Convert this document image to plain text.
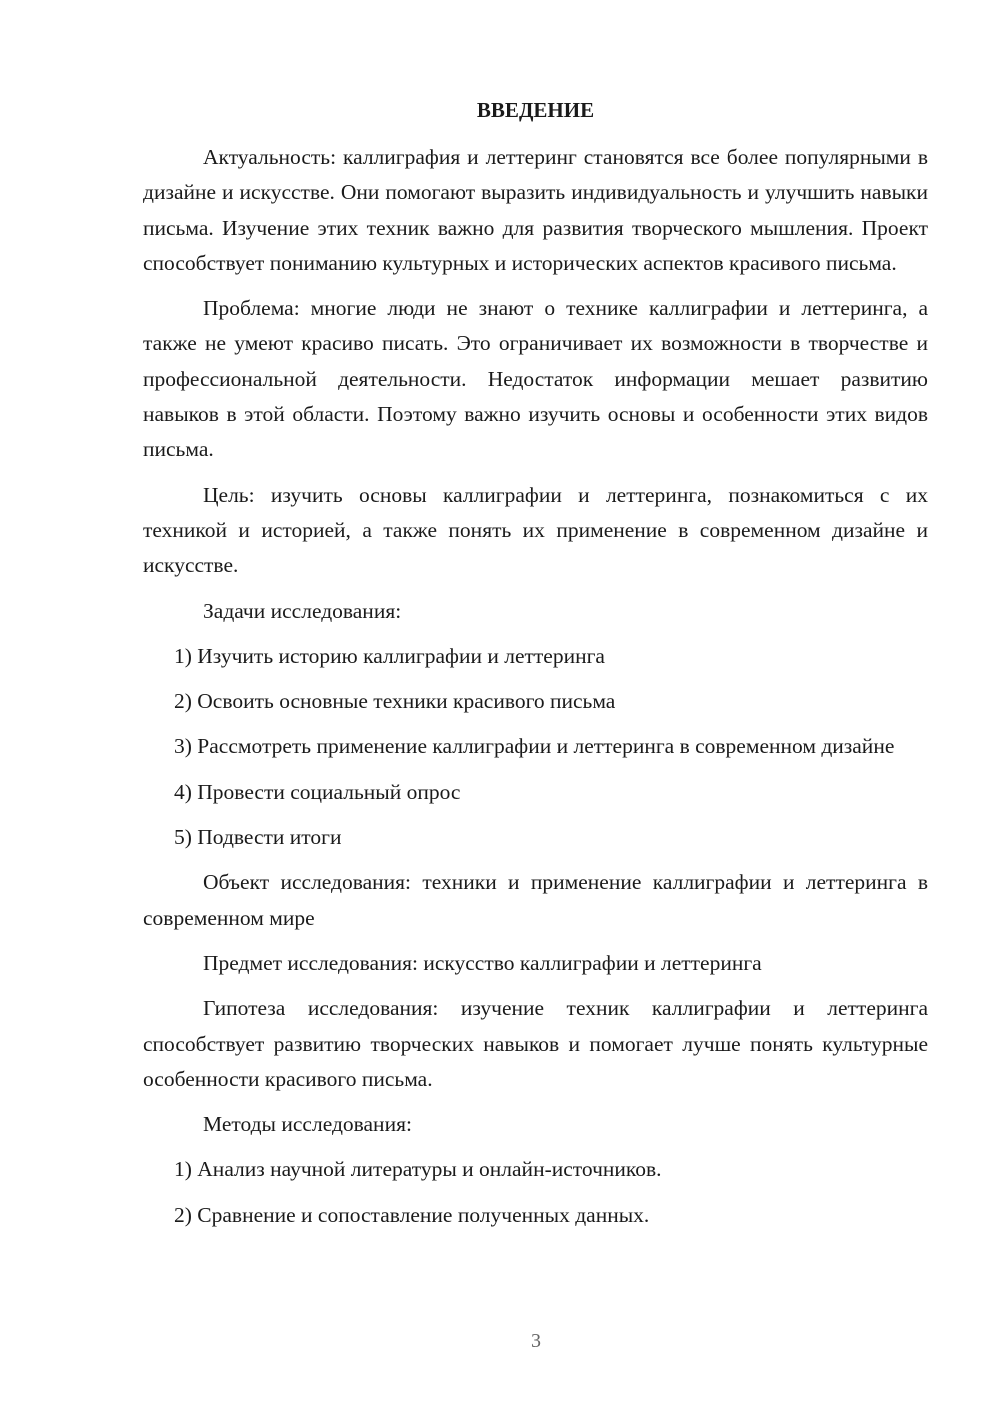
ВВЕДЕНИЕ

Актуальность: каллиграфия и леттеринг становятся все более популярными в дизайне и искусстве. Они помогают выразить индивидуальность и улучшить навыки письма. Изучение этих техник важно для развития творческого мышления. Проект способствует пониманию культурных и исторических аспектов красивого письма.

Проблема: многие люди не знают о технике каллиграфии и леттеринга, а также не умеют красиво писать. Это ограничивает их возможности в творчестве и профессиональной деятельности. Недостаток информации мешает развитию навыков в этой области. Поэтому важно изучить основы и особенности этих видов письма.

Цель: изучить основы каллиграфии и леттеринга, познакомиться с их техникой и историей, а также понять их применение в современном дизайне и искусстве.

Задачи исследования:

1) Изучить историю каллиграфии и леттеринга

2) Освоить основные техники красивого письма

3) Рассмотреть применение каллиграфии и леттеринга в современном дизайне

4) Провести социальный опрос

5) Подвести итоги

Объект исследования: техники и применение каллиграфии и леттеринга в современном мире

Предмет исследования: искусство каллиграфии и леттеринга

Гипотеза исследования: изучение техник каллиграфии и леттеринга способствует развитию творческих навыков и помогает лучше понять культурные особенности красивого письма.

Методы исследования:

1) Анализ научной литературы и онлайн-источников.

2) Сравнение и сопоставление полученных данных.

3
